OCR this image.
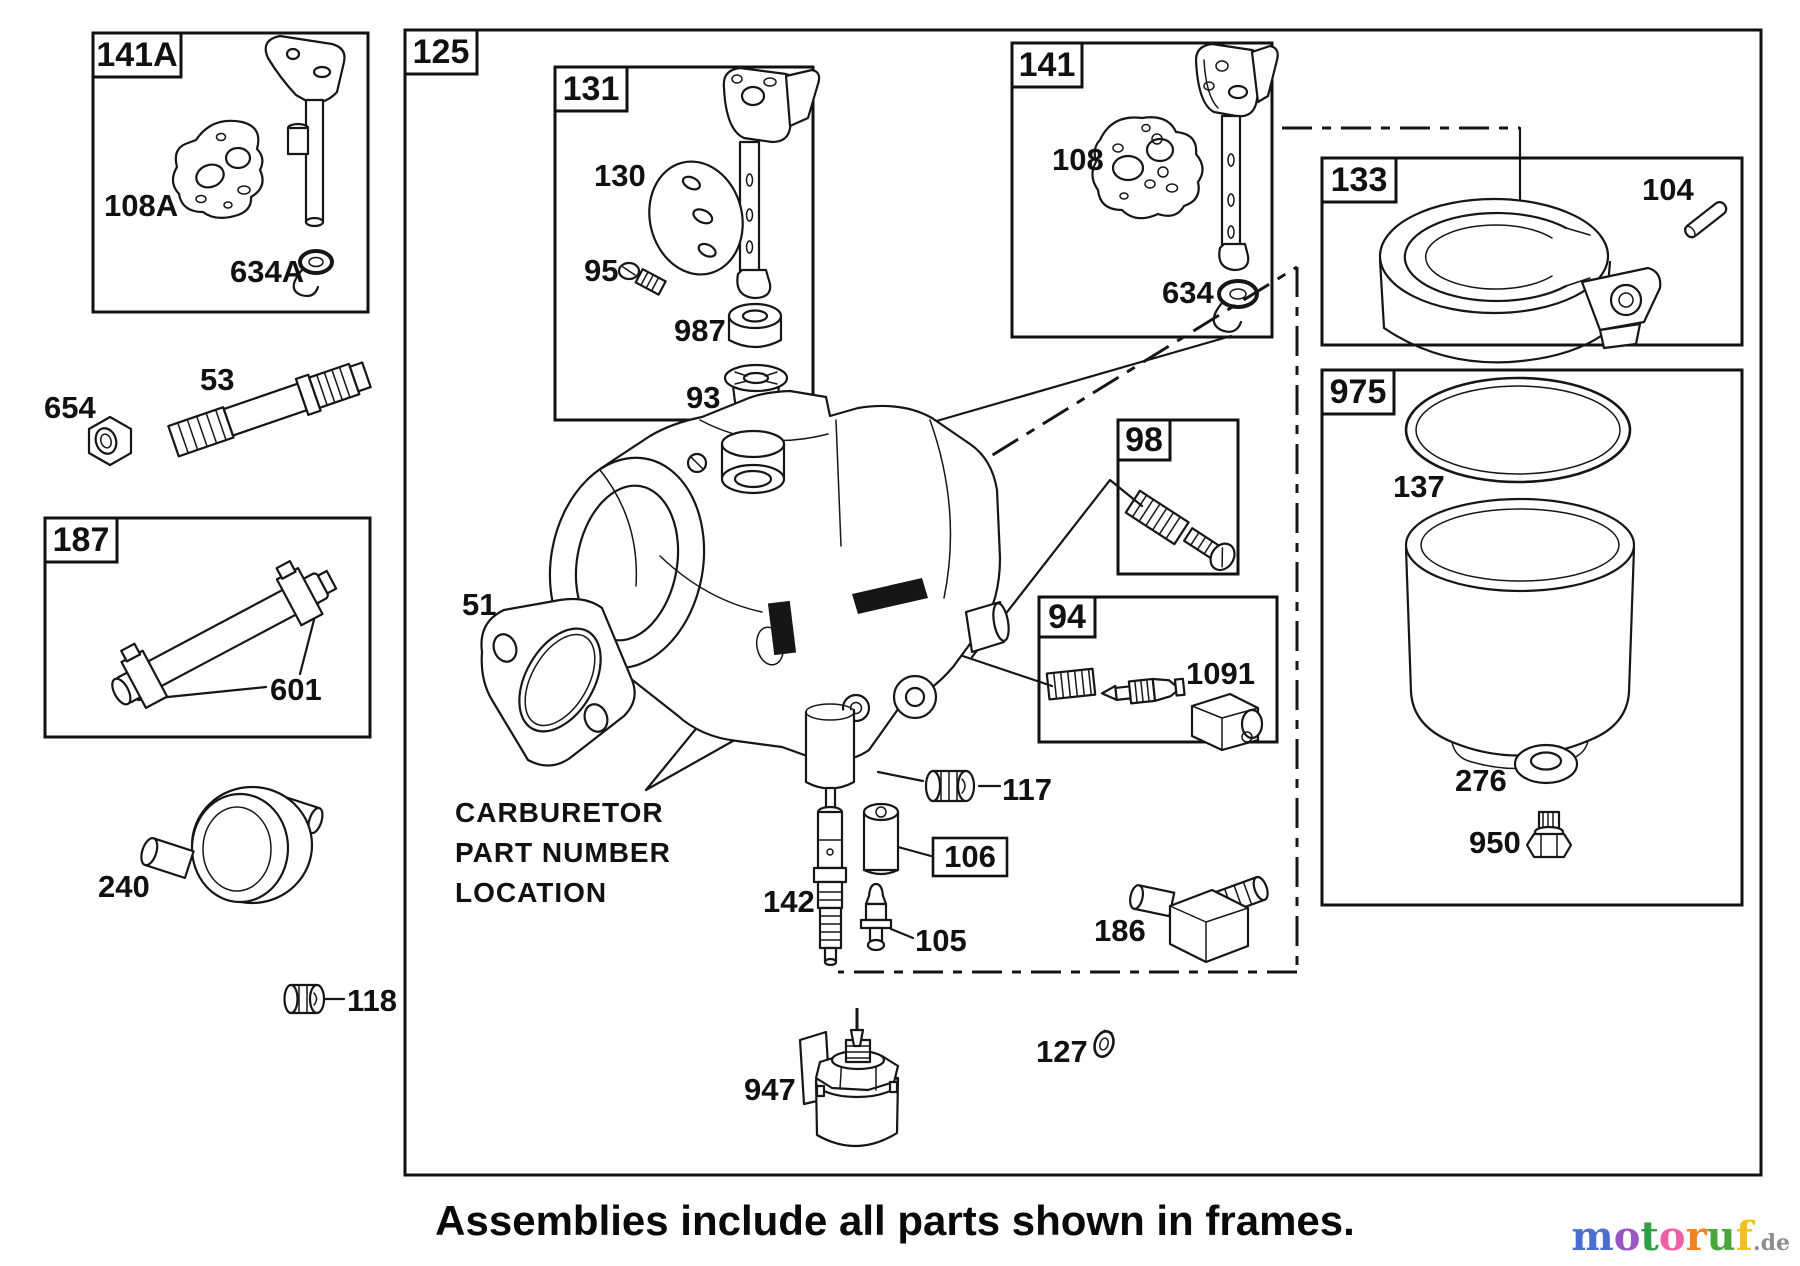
125
141A
187
131
141
133
975
98
94
108A
634A
654
53
601
240
118
130
95
987
93
108
634
104
137
276
950
1091
51
117
106
142
105	186
127
947
CARBURETOR
PART NUMBER
LOCATION
Assemblies include all parts shown in frames.	motoruf.de
